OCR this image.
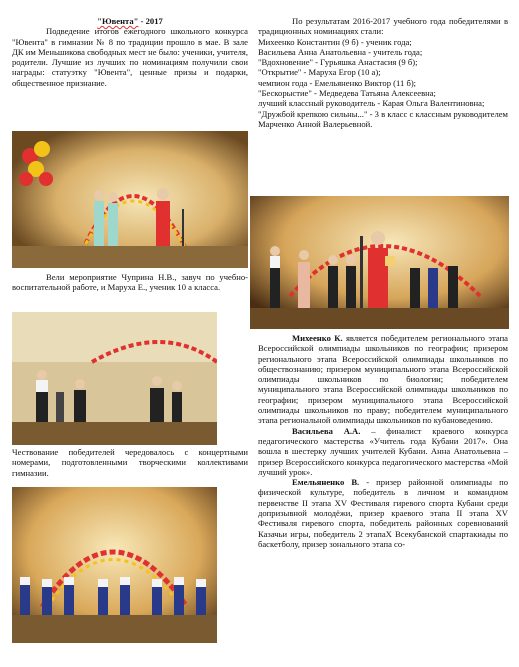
"Ювента" - 2017

Подведение итогов ежегодного школьного конкурса "Ювента" в гимназии № 8 по традиции прошло в мае. В зале ДК им Меньшикова свободных мест не было: ученики, учителя, родители. Лучшие из лучших по номинациям получили свои награды: статуэтку "Ювента", ценные призы и подарки, общественное признание.

Вели мероприятие Чуприна Н.В., завуч по учебно-воспитательной работе, и Маруха Е., ученик 10 а класса.

Чествование победителей чередовалось с концертными номерами, подготовленными творческими коллективами гимназии.

По результатам 2016-2017 учебного года победителями в традиционных номинациях стали:

Михеенко Константин (9 б) - ученик года;

Васильева Анна Анатольевна - учитель года;

"Вдохновение" - Гурьяшка Анастасия (9 б);

"Открытие" - Маруха Егор (10 а);

чемпион года - Емельяненко Виктор (11 б);

"Бескорыстие" - Медведева Татьяна Алексеевна;

лучший классный руководитель - Карая Ольга Валентиновна;

"Дружбой крепкою сильны..." - 3 в класс с классным руководителем Марченко Анной Валерьевной.

Михеенко К. является победителем регионального этапа Всероссийской олимпиады школьников по географии; призером регионального этапа Всероссийской олимпиады школьников по обществознанию; призером муниципального этапа Всероссийской олимпиады школьников по биологии; победителем муниципального этапа Всероссийской олимпиады школьников по географии; призером муниципального этапа Всероссийской олимпиады школьников по праву; победителем муниципального этапа региональной олимпиады школьников по кубановедению.

Васильева А.А. – финалист краевого конкурса педагогического мастерства «Учитель года Кубани 2017». Она вошла в шестерку лучших учителей Кубани. Анна Анатольевна – призер Всероссийского конкурса педагогического мастерства «Мой лучший урок».

Емельяненко В. - призер районной олимпиады по физической культуре, победитель в личном и командном первенстве II этапа XV Фестиваля гиревого спорта Кубани среди допризывной молодёжи, призер краевого этапа II этапа XV Фестиваля гиревого спорта, победитель районных соревнований Казачьи игры, победитель 2 этапаХ Всекубанской спартакиады по баскетболу, призер зонального этапа со-
